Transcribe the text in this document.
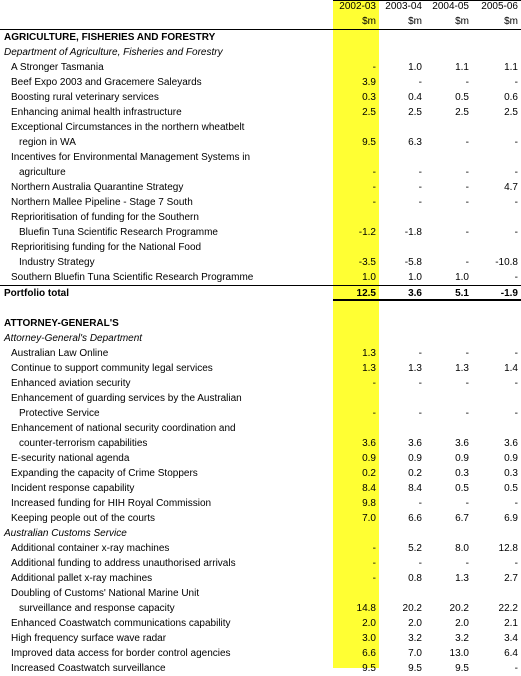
2002-03 2003-04	2004-05	2005-06
$m	$m	$m	$m
AGRICULTURE, FISHERIES AND FORESTRY
Department of Agriculture, Fisheries and Forestry
A Stronger Tasmania	-	1.0	1.1	1.1
Beef Expo 2003 and Gracemere Saleyards	3.9	-	-	-
Boosting rural veterinary services	0.3	0.4	0.5	0.6
Enhancing animal health infrastructure	2.5	2.5	2.5	2.5
Exceptional Circumstances in the northern wheatbelt
region in WA	9.5	6.3	-	-
Incentives for Environmental Management Systems in
agriculture	-	-	-	-
Northern Australia Quarantine Strategy	-	-	-	4.7
Northern Mallee Pipeline - Stage 7 South	-	-	-	-
Reprioritisation of funding for the Southern
Bluefin Tuna Scientific Research Programme	-1.2	-1.8	-	-
Reprioritising funding for the National Food
Industry Strategy	-3.5	-5.8	-	-10.8
Southern Bluefin Tuna Scientific Research Programme	1.0	1.0	1.0	-
Portfolio total	12.5	3.6	5.1	-1.9
ATTORNEY-GENERAL'S
Attorney-General's Department
Australian Law Online	1.3	-	-	-
Continue to support community legal services	1.3	1.3	1.3	1.4
Enhanced aviation security	-	-	-	-
Enhancement of guarding services by the Australian
Protective Service	-	-	-	-
Enhancement of national security coordination and
counter-terrorism capabilities	3.6	3.6	3.6	3.6
E-security national agenda	0.9	0.9	0.9	0.9
Expanding the capacity of Crime Stoppers	0.2	0.2	0.3	0.3
Incident response capability	8.4	8.4	0.5	0.5
Increased funding for HIH Royal Commission	9.8	-	-	-
Keeping people out of the courts	7.0	6.6	6.7	6.9
Australian Customs Service
Additional container x-ray machines	-	5.2	8.0	12.8
Additional funding to address unauthorised arrivals	-	-	-	-
Additional pallet x-ray machines	-	0.8	1.3	2.7
Doubling of Customs' National Marine Unit
surveillance and response capacity	14.8	20.2	20.2	22.2
Enhanced Coastwatch communications capability	2.0	2.0	2.0	2.1
High frequency surface wave radar	3.0	3.2	3.2	3.4
Improved data access for border control agencies	6.6	7.0	13.0	6.4
Increased Coastwatch surveillance	9.5	9.5	9.5	-
